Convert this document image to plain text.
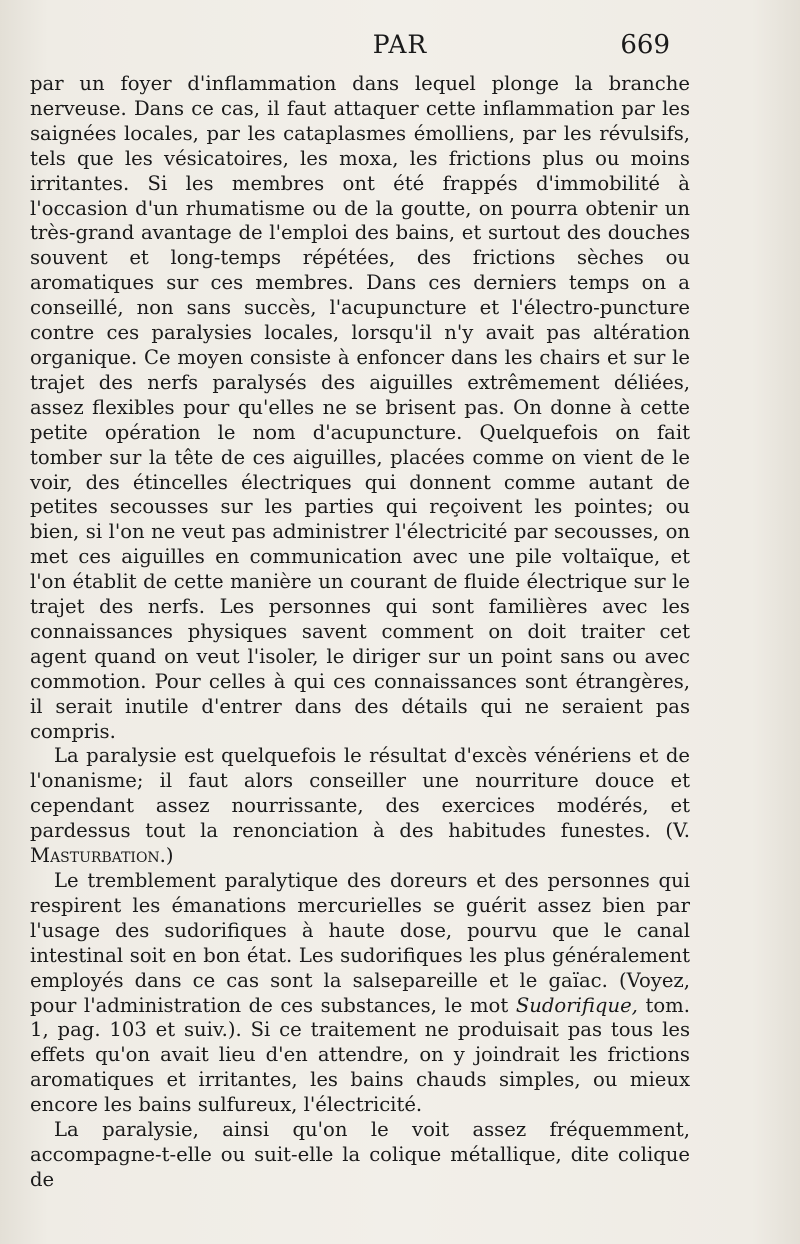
PAR	669

par un foyer d'inflammation dans lequel plonge la branche nerveuse. Dans ce cas, il faut attaquer cette inflammation par les saignées locales, par les cataplasmes émolliens, par les révulsifs, tels que les vésicatoires, les moxa, les frictions plus ou moins irritantes. Si les membres ont été frappés d'immobilité à l'occasion d'un rhumatisme ou de la goutte, on pourra obtenir un très-grand avantage de l'emploi des bains, et surtout des douches souvent et long-temps répétées, des frictions sèches ou aromatiques sur ces membres. Dans ces derniers temps on a conseillé, non sans succès, l'acupuncture et l'électro-puncture contre ces paralysies locales, lorsqu'il n'y avait pas altération organique. Ce moyen consiste à enfoncer dans les chairs et sur le trajet des nerfs paralysés des aiguilles extrêmement déliées, assez flexibles pour qu'elles ne se brisent pas. On donne à cette petite opération le nom d'acupuncture. Quelquefois on fait tomber sur la tête de ces aiguilles, placées comme on vient de le voir, des étincelles électriques qui donnent comme autant de petites secousses sur les parties qui reçoivent les pointes; ou bien, si l'on ne veut pas administrer l'électricité par secousses, on met ces aiguilles en communication avec une pile voltaïque, et l'on établit de cette manière un courant de fluide électrique sur le trajet des nerfs. Les personnes qui sont familières avec les connaissances physiques savent comment on doit traiter cet agent quand on veut l'isoler, le diriger sur un point sans ou avec commotion. Pour celles à qui ces connaissances sont étrangères, il serait inutile d'entrer dans des détails qui ne seraient pas compris.

La paralysie est quelquefois le résultat d'excès vénériens et de l'onanisme; il faut alors conseiller une nourriture douce et cependant assez nourrissante, des exercices modérés, et pardessus tout la renonciation à des habitudes funestes. (V. Masturbation.)

Le tremblement paralytique des doreurs et des personnes qui respirent les émanations mercurielles se guérit assez bien par l'usage des sudorifiques à haute dose, pourvu que le canal intestinal soit en bon état. Les sudorifiques les plus généralement employés dans ce cas sont la salsepareille et le gaïac. (Voyez, pour l'administration de ces substances, le mot Sudorifique, tom. 1, pag. 103 et suiv.). Si ce traitement ne produisait pas tous les effets qu'on avait lieu d'en attendre, on y joindrait les frictions aromatiques et irritantes, les bains chauds simples, ou mieux encore les bains sulfureux, l'électricité.

La paralysie, ainsi qu'on le voit assez fréquemment, accompagne-t-elle ou suit-elle la colique métallique, dite colique de
